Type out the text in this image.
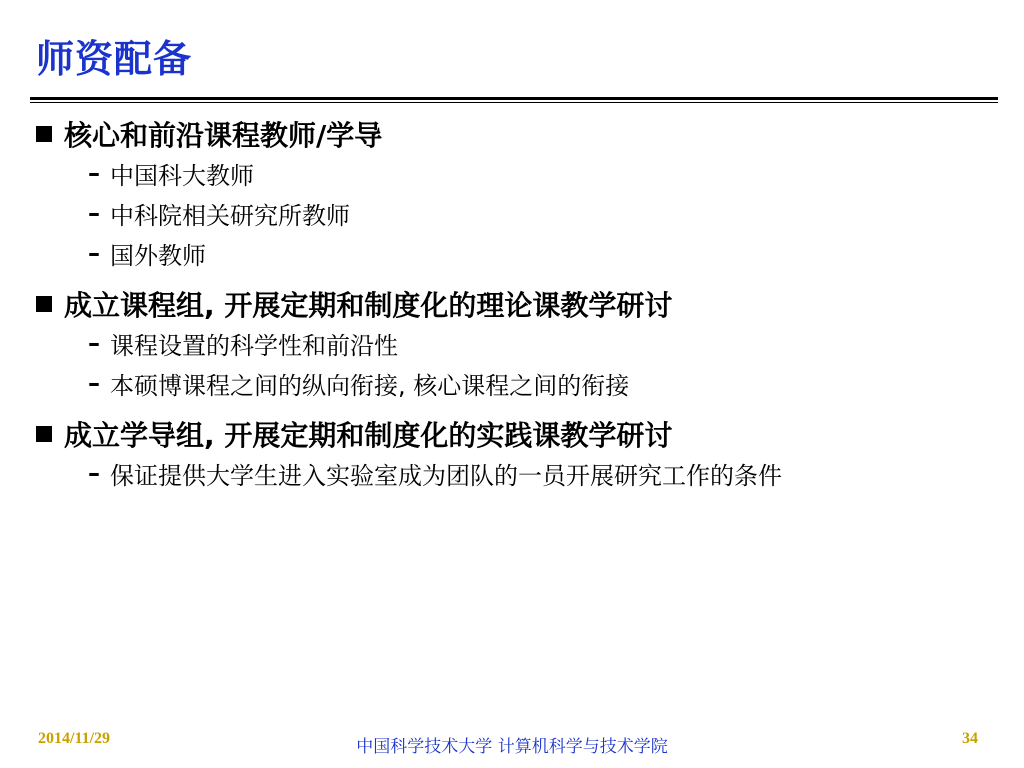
师资配备
核心和前沿课程教师/学导
– 中国科大教师
– 中科院相关研究所教师
– 国外教师
成立课程组, 开展定期和制度化的理论课教学研讨
– 课程设置的科学性和前沿性
– 本硕博课程之间的纵向衔接, 核心课程之间的衔接
成立学导组, 开展定期和制度化的实践课教学研讨
– 保证提供大学生进入实验室成为团队的一员开展研究工作的条件
2014/11/29	中国科学技术大学 计算机科学与技术学院	34
